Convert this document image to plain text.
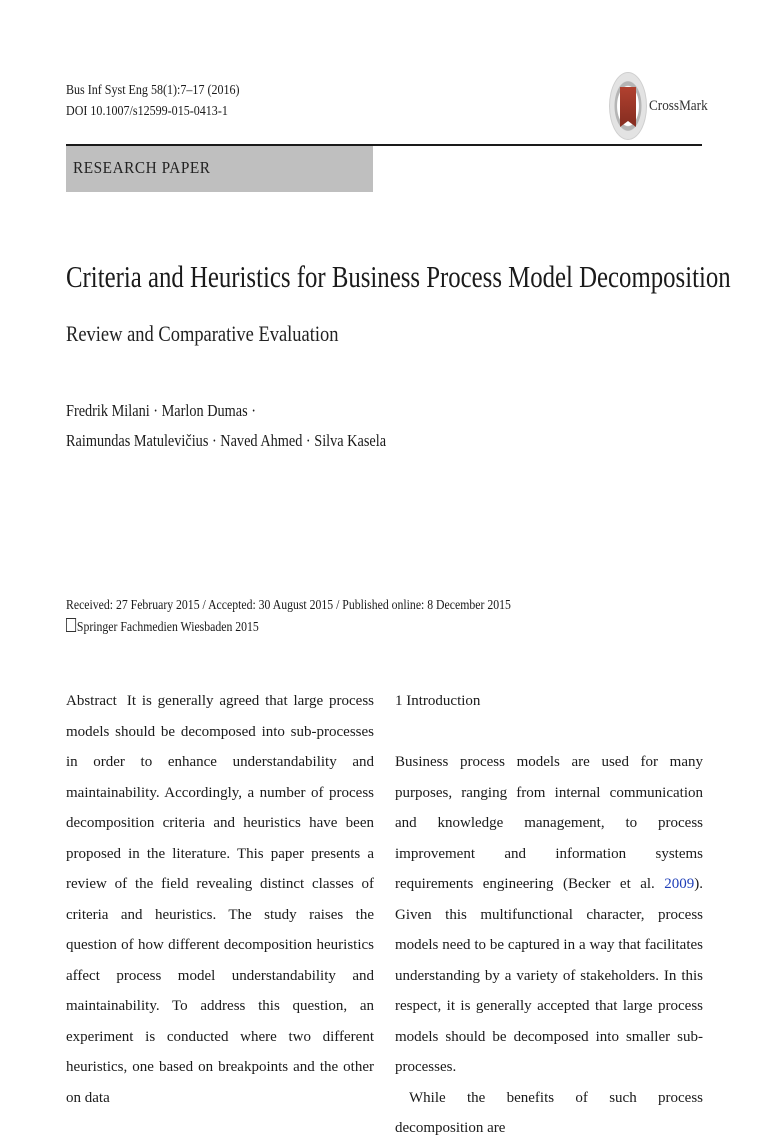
Bus Inf Syst Eng 58(1):7–17 (2016)
DOI 10.1007/s12599-015-0413-1	CrossMark
RESEARCH PAPER
Criteria and Heuristics for Business Process Model Decomposition
Review and Comparative Evaluation
Fredrik Milani · Marlon Dumas ·
Raimundas Matulevičius · Naved Ahmed · Silva Kasela
Received: 27 February 2015 / Accepted: 30 August 2015 / Published online: 8 December 2015
Springer Fachmedien Wiesbaden 2015
Abstract It is generally agreed that large process models should be decomposed into sub-processes in order to enhance understandability and maintainability. Accordingly, a number of process decomposition criteria and heuristics have been proposed in the literature. This paper presents a review of the field revealing distinct classes of criteria and heuristics. The study raises the question of how different decomposition heuristics affect process model understandability and maintainability. To address this question, an experiment is conducted where two different heuristics, one based on breakpoints and the other on data
1 Introduction
Business process models are used for many purposes, ranging from internal communication and knowledge management, to process improvement and information systems requirements engineering (Becker et al. 2009). Given this multifunctional character, process models need to be captured in a way that facilitates understanding by a variety of stakeholders. In this respect, it is generally accepted that large process models should be decomposed into smaller sub-processes.
While the benefits of such process decomposition are
